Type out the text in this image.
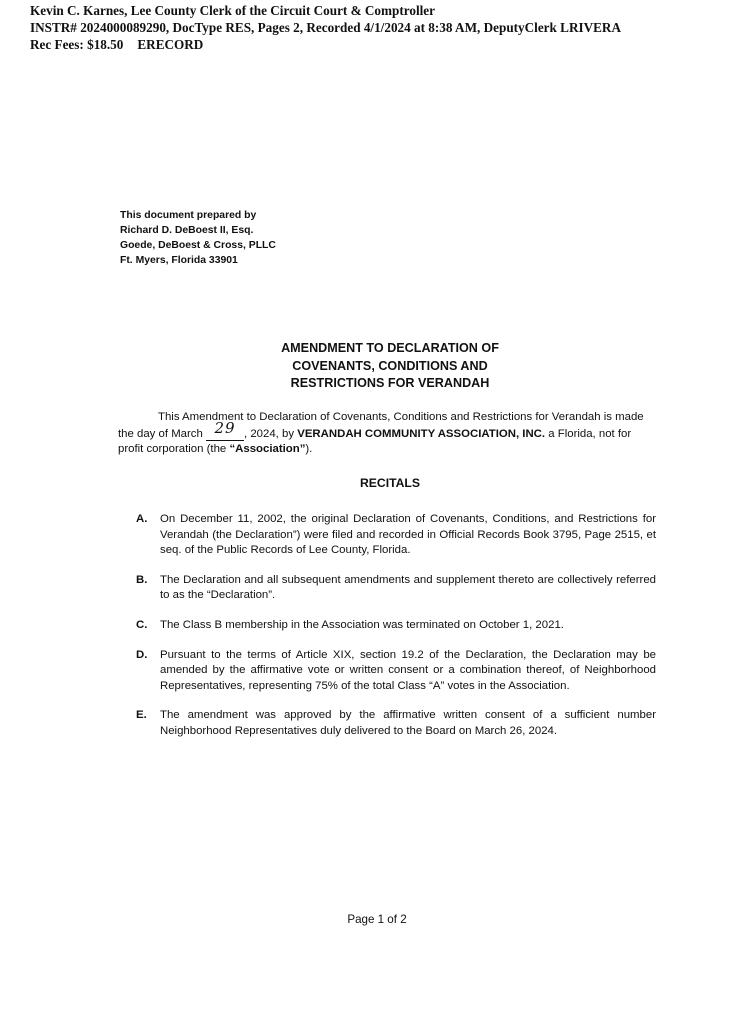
Kevin C. Karnes, Lee County Clerk of the Circuit Court & Comptroller
INSTR# 2024000089290, DocType RES, Pages 2, Recorded 4/1/2024 at 8:38 AM, DeputyClerk LRIVERA
Rec Fees: $18.50 ERECORD
This document prepared by
Richard D. DeBoest II, Esq.
Goede, DeBoest & Cross, PLLC
Ft. Myers, Florida 33901
AMENDMENT TO DECLARATION OF
COVENANTS, CONDITIONS AND
RESTRICTIONS FOR VERANDAH
This Amendment to Declaration of Covenants, Conditions and Restrictions for Verandah is made the day of March 29 , 2024, by VERANDAH COMMUNITY ASSOCIATION, INC. a Florida, not for profit corporation (the “Association”).
RECITALS
A.	On December 11, 2002, the original Declaration of Covenants, Conditions, and Restrictions for Verandah (the Declaration”) were filed and recorded in Official Records Book 3795, Page 2515, et seq. of the Public Records of Lee County, Florida.
B.	The Declaration and all subsequent amendments and supplement thereto are collectively referred to as the “Declaration”.
C.	The Class B membership in the Association was terminated on October 1, 2021.
D.	Pursuant to the terms of Article XIX, section 19.2 of the Declaration, the Declaration may be amended by the affirmative vote or written consent or a combination thereof, of Neighborhood Representatives, representing 75% of the total Class “A” votes in the Association.
E.	The amendment was approved by the affirmative written consent of a sufficient number Neighborhood Representatives duly delivered to the Board on March 26, 2024.
Page 1 of 2
